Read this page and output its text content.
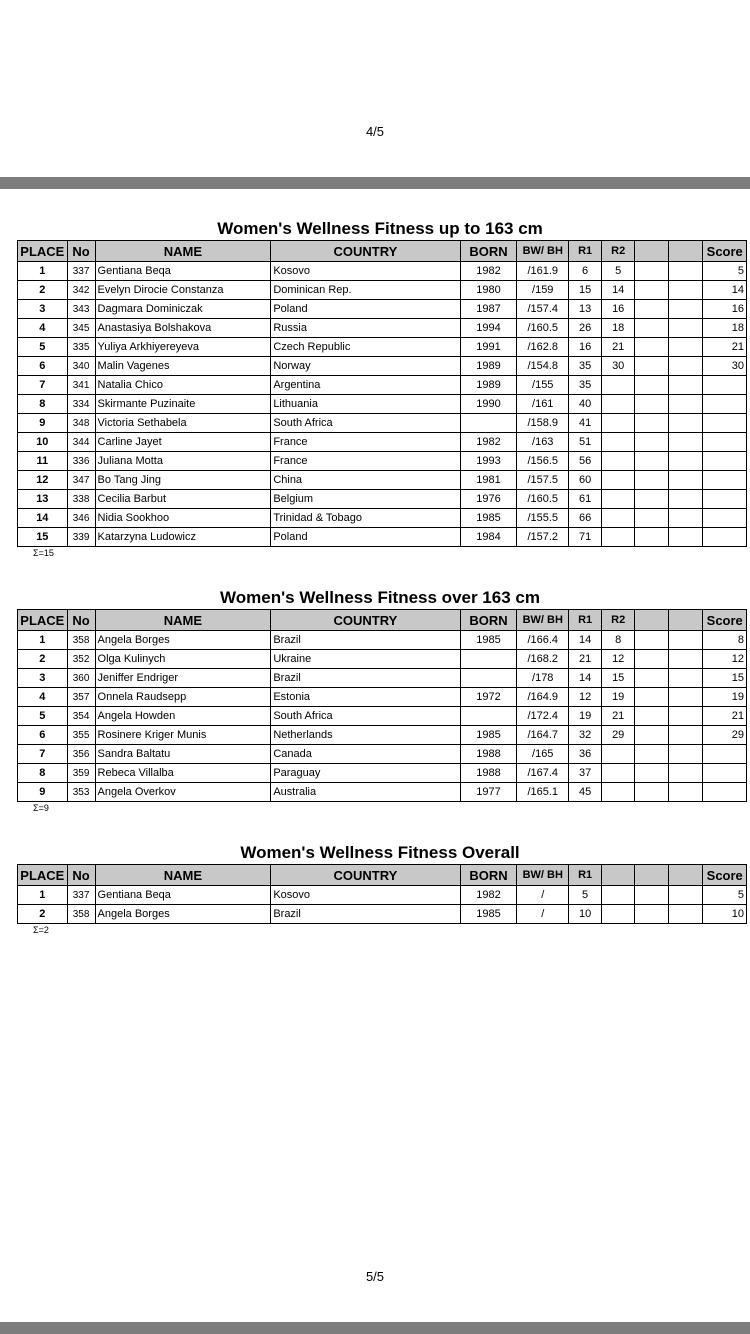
4/5
Women's Wellness Fitness up to 163 cm
PLACE	No	NAME	COUNTRY	BORN	BW/ BH	R1	R2			Score
1	337	Gentiana Beqa	Kosovo	1982	/161.9	6	5			5
2	342	Evelyn Dirocie Constanza	Dominican Rep.	1980	/159	15	14			14
3	343	Dagmara Dominiczak	Poland	1987	/157.4	13	16			16
4	345	Anastasiya Bolshakova	Russia	1994	/160.5	26	18			18
5	335	Yuliya Arkhiyereyeva	Czech Republic	1991	/162.8	16	21			21
6	340	Malin Vagenes	Norway	1989	/154.8	35	30			30
7	341	Natalia Chico	Argentina	1989	/155	35				
8	334	Skirmante Puzinaite	Lithuania	1990	/161	40				
9	348	Victoria Sethabela	South Africa		/158.9	41				
10	344	Carline Jayet	France	1982	/163	51				
11	336	Juliana Motta	France	1993	/156.5	56				
12	347	Bo Tang Jing	China	1981	/157.5	60				
13	338	Cecilia Barbut	Belgium	1976	/160.5	61				
14	346	Nidia Sookhoo	Trinidad & Tobago	1985	/155.5	66				
15	339	Katarzyna Ludowicz	Poland	1984	/157.2	71				
Σ=15
Women's Wellness Fitness over 163 cm
PLACE	No	NAME	COUNTRY	BORN	BW/ BH	R1	R2			Score
1	358	Angela Borges	Brazil	1985	/166.4	14	8			8
2	352	Olga Kulinych	Ukraine		/168.2	21	12			12
3	360	Jeniffer Endriger	Brazil		/178	14	15			15
4	357	Onnela Raudsepp	Estonia	1972	/164.9	12	19			19
5	354	Angela Howden	South Africa		/172.4	19	21			21
6	355	Rosinere Kriger Munis	Netherlands	1985	/164.7	32	29			29
7	356	Sandra Baltatu	Canada	1988	/165	36				
8	359	Rebeca Villalba	Paraguay	1988	/167.4	37				
9	353	Angela Overkov	Australia	1977	/165.1	45				
Σ=9
Women's Wellness Fitness Overall
PLACE	No	NAME	COUNTRY	BORN	BW/ BH	R1				Score
1	337	Gentiana Beqa	Kosovo	1982	/	5				5
2	358	Angela Borges	Brazil	1985	/	10				10
Σ=2
5/5
